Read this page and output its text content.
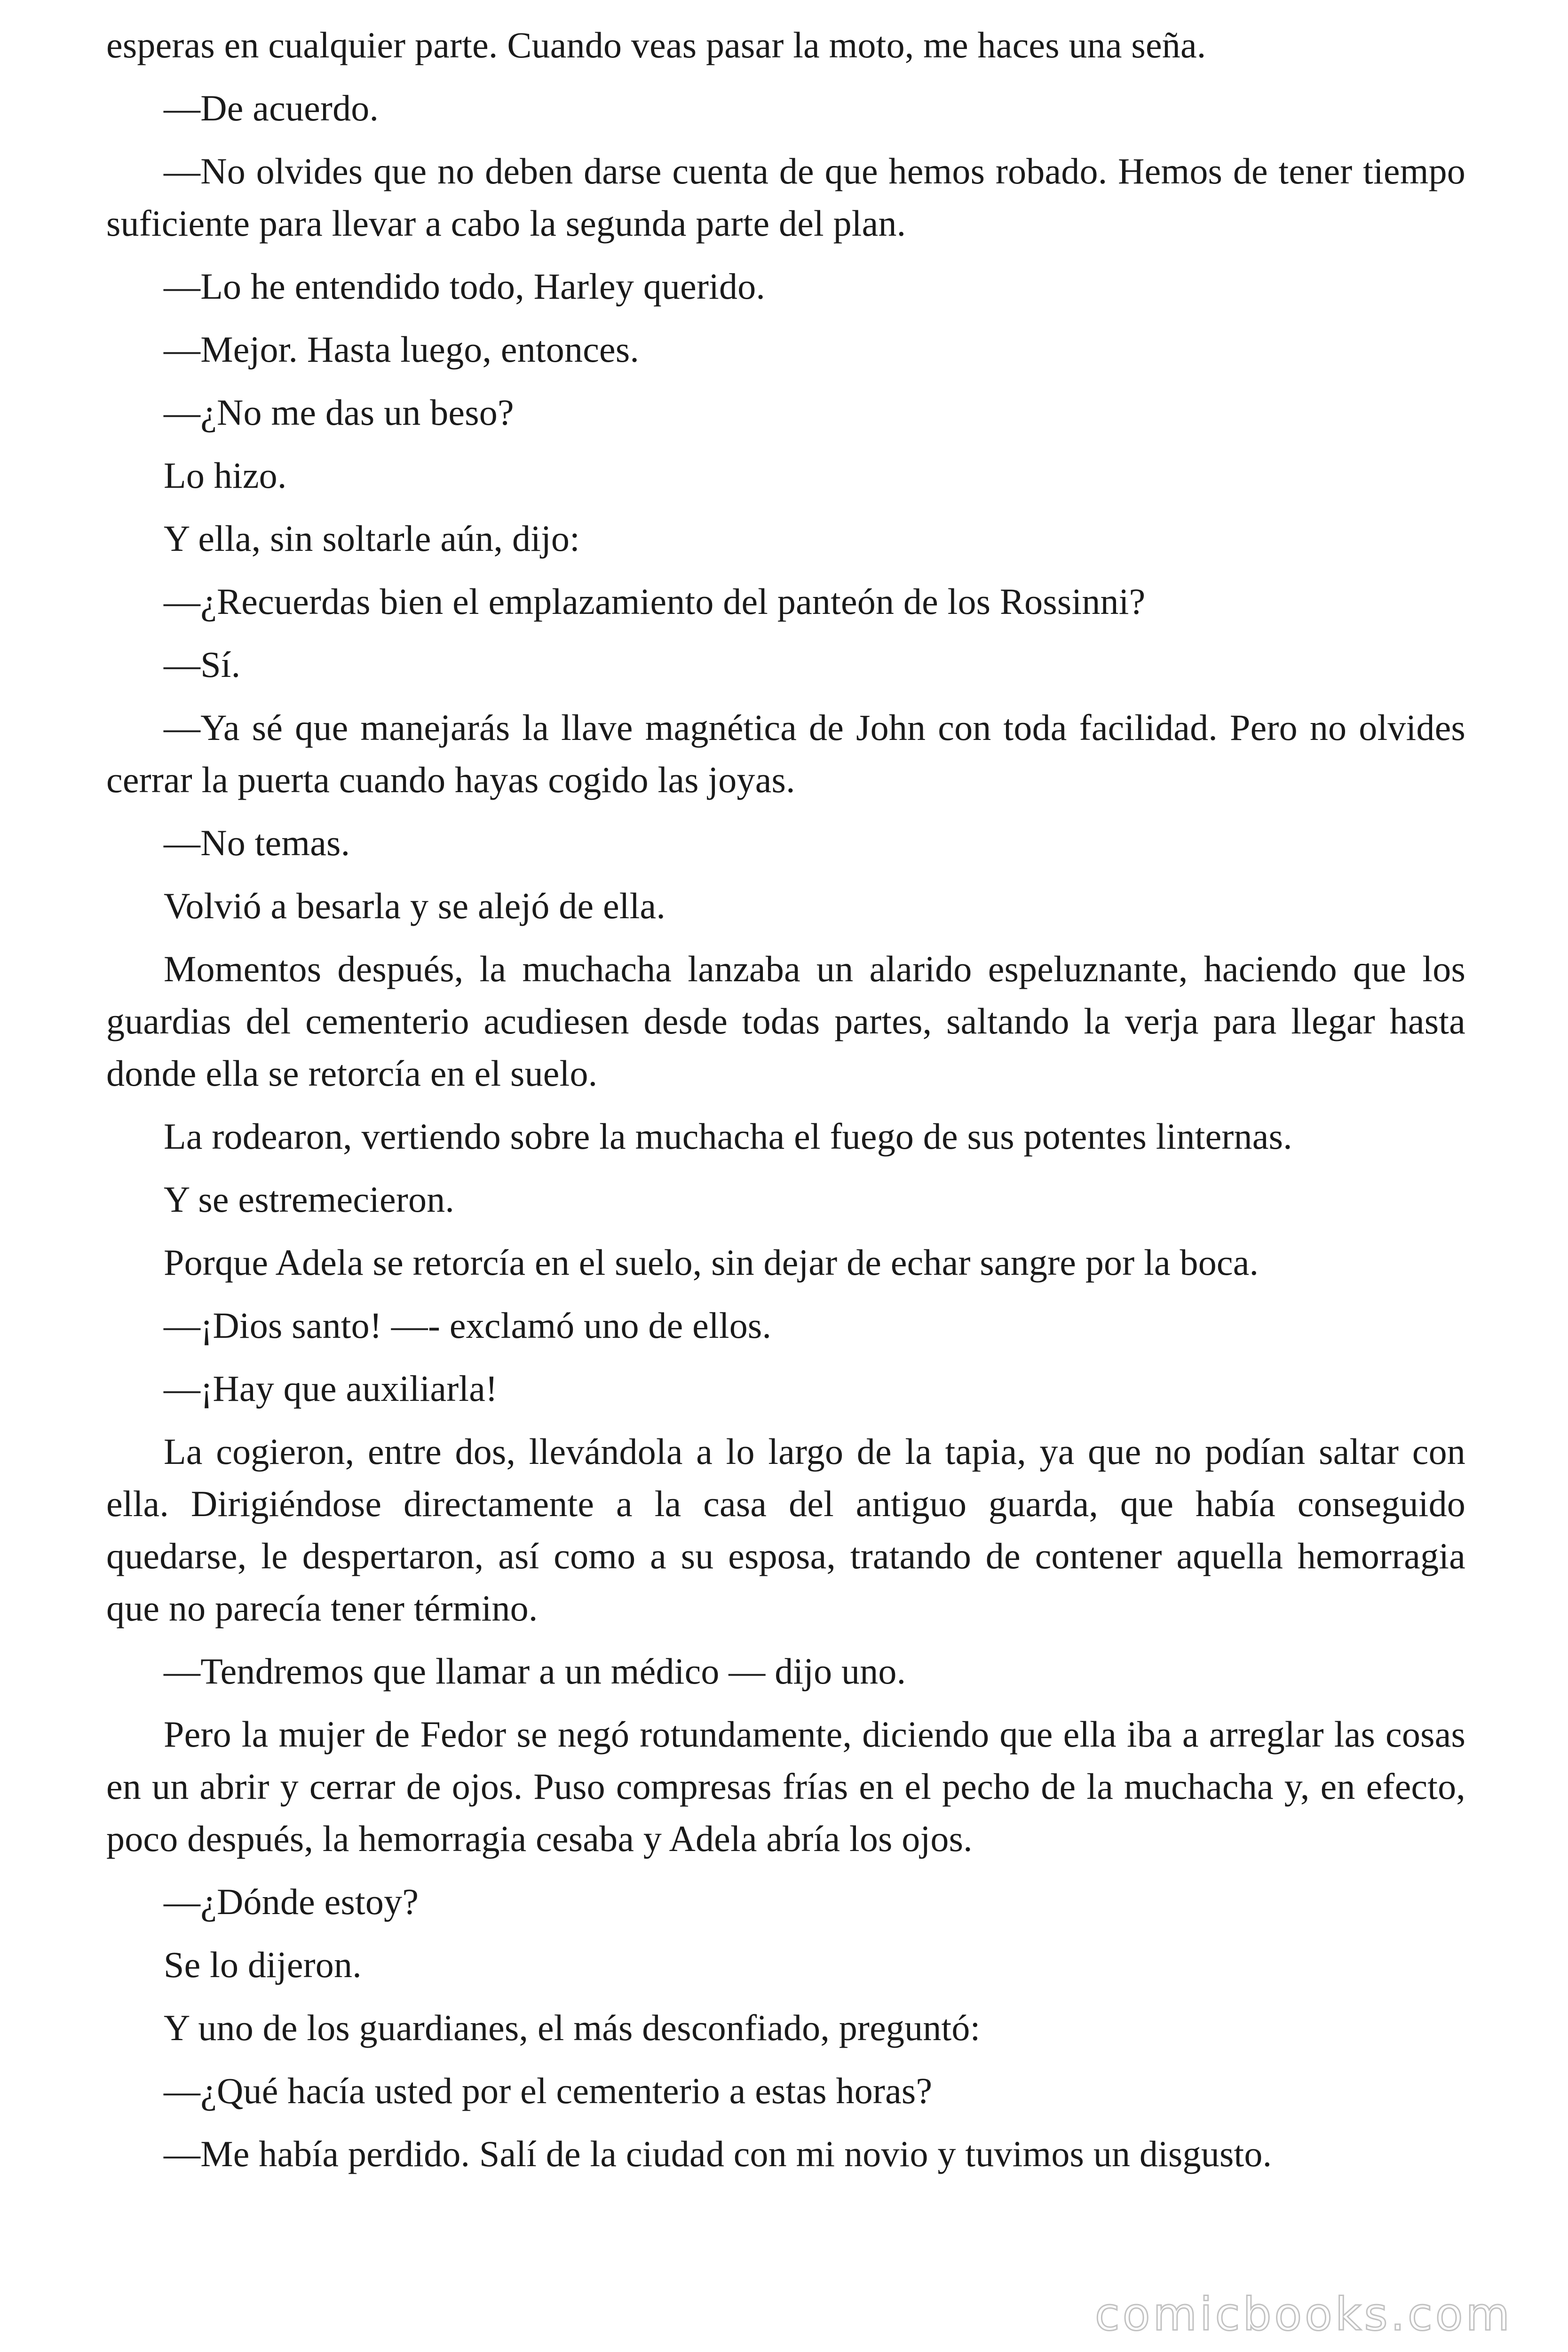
esperas en cualquier parte. Cuando veas pasar la moto, me haces una seña.

—De acuerdo.

—No olvides que no deben darse cuenta de que hemos robado. Hemos de tener tiempo suficiente para llevar a cabo la segunda parte del plan.

—Lo he entendido todo, Harley querido.

—Mejor. Hasta luego, entonces.

—¿No me das un beso?

Lo hizo.

Y ella, sin soltarle aún, dijo:

—¿Recuerdas bien el emplazamiento del panteón de los Rossinni?

—Sí.

—Ya sé que manejarás la llave magnética de John con toda facilidad. Pero no olvides cerrar la puerta cuando hayas cogido las joyas.

—No temas.

Volvió a besarla y se alejó de ella.

Momentos después, la muchacha lanzaba un alarido espeluznante, haciendo que los guardias del cementerio acudiesen desde todas partes, saltando la verja para llegar hasta donde ella se retorcía en el suelo.

La rodearon, vertiendo sobre la muchacha el fuego de sus potentes linternas.

Y se estremecieron.

Porque Adela se retorcía en el suelo, sin dejar de echar sangre por la boca.

—¡Dios santo! —- exclamó uno de ellos.

—¡Hay que auxiliarla!

La cogieron, entre dos, llevándola a lo largo de la tapia, ya que no podían saltar con ella. Dirigiéndose directamente a la casa del antiguo guarda, que había conseguido quedarse, le despertaron, así como a su esposa, tratando de contener aquella hemorragia que no parecía tener término.

—Tendremos que llamar a un médico — dijo uno.

Pero la mujer de Fedor se negó rotundamente, diciendo que ella iba a arreglar las cosas en un abrir y cerrar de ojos. Puso compresas frías en el pecho de la muchacha y, en efecto, poco después, la hemorragia cesaba y Adela abría los ojos.

—¿Dónde estoy?

Se lo dijeron.

Y uno de los guardianes, el más desconfiado, preguntó:

—¿Qué hacía usted por el cementerio a estas horas?

—Me había perdido. Salí de la ciudad con mi novio y tuvimos un disgusto.

comicbooks.com
